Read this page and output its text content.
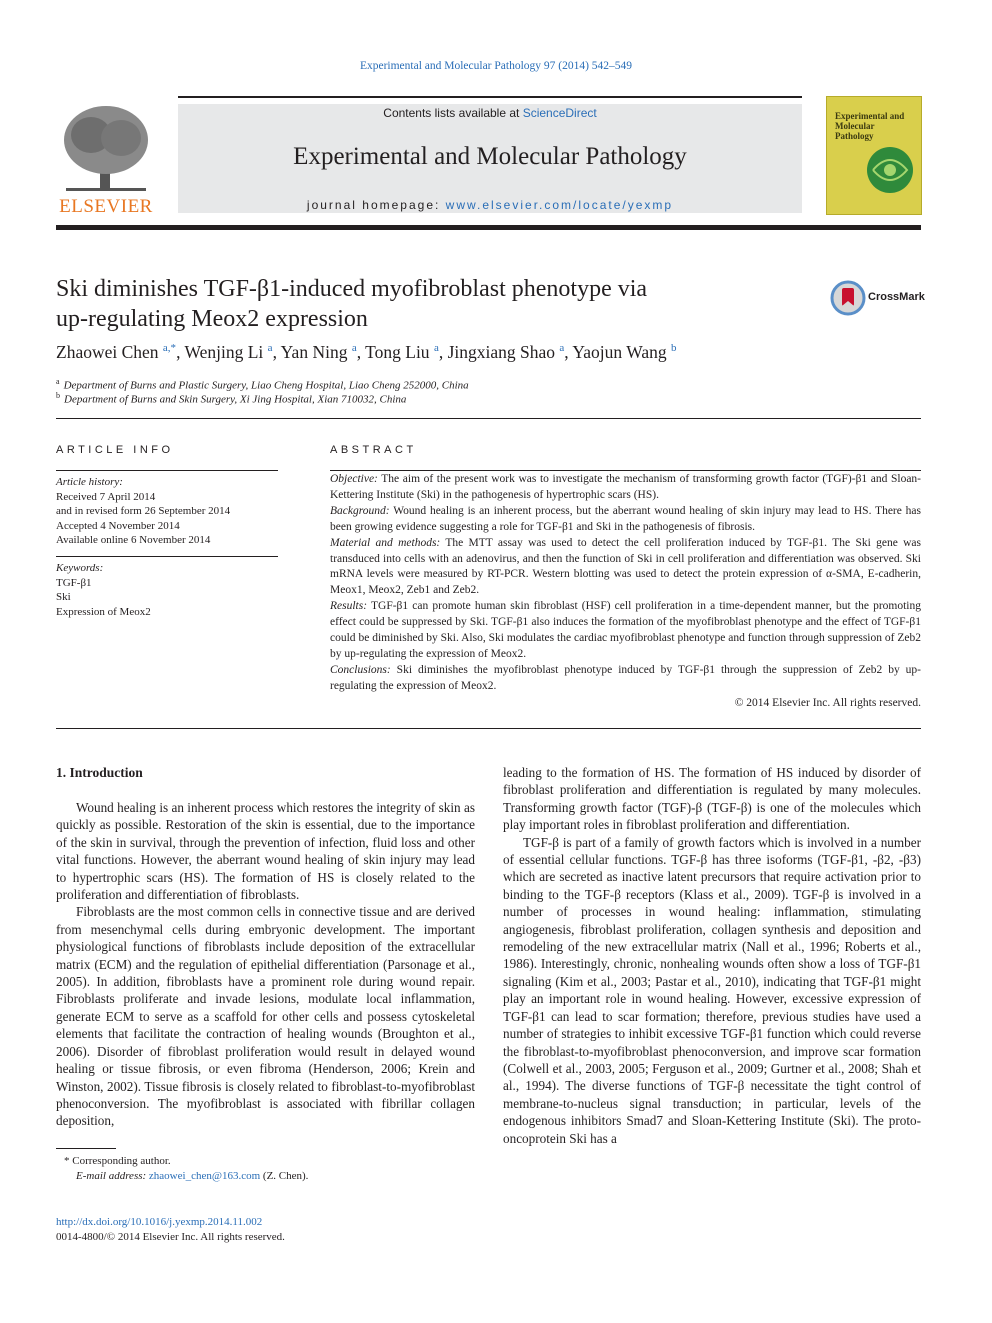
Experimental and Molecular Pathology 97 (2014) 542–549
ELSEVIER
Contents lists available at ScienceDirect
Experimental and Molecular Pathology
journal homepage: www.elsevier.com/locate/yexmp
Experimental and Molecular Pathology
Ski diminishes TGF-β1-induced myofibroblast phenotype via
up-regulating Meox2 expression
CrossMark
Zhaowei Chen $^{a,*}$, Wenjing Li $^a$, Yan Ning $^a$, Tong Liu $^a$, Jingxiang Shao $^a$, Yaojun Wang $^b$
$^a$ Department of Burns and Plastic Surgery, Liao Cheng Hospital, Liao Cheng 252000, China
$^b$ Department of Burns and Skin Surgery, Xi Jing Hospital, Xian 710032, China
ARTICLE INFO
Article history:
Received 7 April 2014
and in revised form 26 September 2014
Accepted 4 November 2014
Available online 6 November 2014
Keywords:
TGF-β1
Ski
Expression of Meox2
ABSTRACT

Objective: The aim of the present work was to investigate the mechanism of transforming growth factor (TGF)-β1 and Sloan-Kettering Institute (Ski) in the pathogenesis of hypertrophic scars (HS).

Background: Wound healing is an inherent process, but the aberrant wound healing of skin injury may lead to HS. There has been growing evidence suggesting a role for TGF-β1 and Ski in the pathogenesis of fibrosis.

Material and methods: The MTT assay was used to detect the cell proliferation induced by TGF-β1. The Ski gene was transduced into cells with an adenovirus, and then the function of Ski in cell proliferation and differentiation was observed. Ski mRNA levels were measured by RT-PCR. Western blotting was used to detect the protein expression of α-SMA, E-cadherin, Meox1, Meox2, Zeb1 and Zeb2.

Results: TGF-β1 can promote human skin fibroblast (HSF) cell proliferation in a time-dependent manner, but the promoting effect could be suppressed by Ski. TGF-β1 also induces the formation of the myofibroblast phenotype and the effect of TGF-β1 could be diminished by Ski. Also, Ski modulates the cardiac myofibroblast phenotype and function through suppression of Zeb2 by up-regulating the expression of Meox2.

Conclusions: Ski diminishes the myofibroblast phenotype induced by TGF-β1 through the suppression of Zeb2 by up-regulating the expression of Meox2.

© 2014 Elsevier Inc. All rights reserved.
1. Introduction

Wound healing is an inherent process which restores the integrity of skin as quickly as possible. Restoration of the skin is essential, due to the importance of the skin in survival, through the prevention of infection, fluid loss and other vital functions. However, the aberrant wound healing of skin injury may lead to hypertrophic scars (HS). The formation of HS is closely related to the proliferation and differentiation of fibroblasts.

Fibroblasts are the most common cells in connective tissue and are derived from mesenchymal cells during embryonic development. The important physiological functions of fibroblasts include deposition of the extracellular matrix (ECM) and the regulation of epithelial differentiation (Parsonage et al., 2005). In addition, fibroblasts have a prominent role during wound repair. Fibroblasts proliferate and invade lesions, modulate local inflammation, generate ECM to serve as a scaffold for other cells and possess cytoskeletal elements that facilitate the contraction of healing wounds (Broughton et al., 2006). Disorder of fibroblast proliferation would result in delayed wound healing or tissue fibrosis, or even fibroma (Henderson, 2006; Krein and Winston, 2002). Tissue fibrosis is closely related to fibroblast-to-myofibroblast phenoconversion. The myofibroblast is associated with fibrillar collagen deposition,

leading to the formation of HS. The formation of HS induced by disorder of fibroblast proliferation and differentiation is regulated by many molecules. Transforming growth factor (TGF)-β (TGF-β) is one of the molecules which play important roles in fibroblast proliferation and differentiation.

TGF-β is part of a family of growth factors which is involved in a number of essential cellular functions. TGF-β has three isoforms (TGF-β1, -β2, -β3) which are secreted as inactive latent precursors that require activation prior to binding to the TGF-β receptors (Klass et al., 2009). TGF-β is involved in a number of processes in wound healing: inflammation, stimulating angiogenesis, fibroblast proliferation, collagen synthesis and deposition and remodeling of the new extracellular matrix (Nall et al., 1996; Roberts et al., 1986). Interestingly, chronic, nonhealing wounds often show a loss of TGF-β1 signaling (Kim et al., 2003; Pastar et al., 2010), indicating that TGF-β1 might play an important role in wound healing. However, excessive expression of TGF-β1 can lead to scar formation; therefore, previous studies have used a number of strategies to inhibit excessive TGF-β1 function which could reverse the fibroblast-to-myofibroblast phenoconversion, and improve scar formation (Colwell et al., 2003, 2005; Ferguson et al., 2009; Gurtner et al., 2008; Shah et al., 1994). The diverse functions of TGF-β necessitate the tight control of membrane-to-nucleus signal transduction; in particular, levels of the endogenous inhibitors Smad7 and Sloan-Kettering Institute (Ski). The proto-oncoprotein Ski has a

* Corresponding author.
E-mail address: zhaowei_chen@163.com (Z. Chen).
http://dx.doi.org/10.1016/j.yexmp.2014.11.002
0014-4800/© 2014 Elsevier Inc. All rights reserved.
